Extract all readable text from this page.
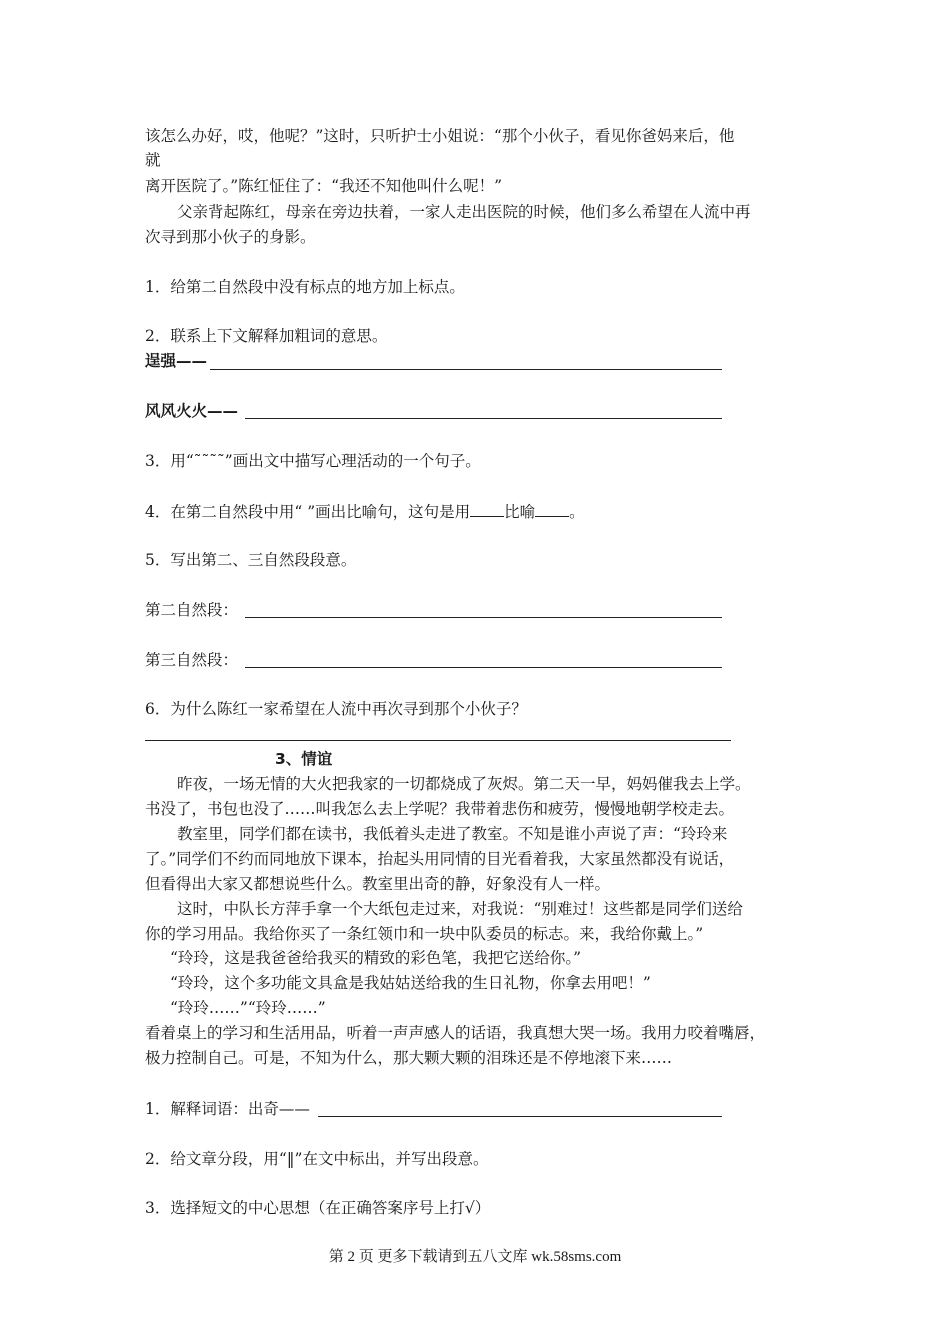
该怎么办好，哎，他呢？”这时，只听护士小姐说：“那个小伙子，看见你爸妈来后，他
就
离开医院了。”陈红怔住了：“我还不知他叫什么呢！”
父亲背起陈红，母亲在旁边扶着，一家人走出医院的时候，他们多么希望在人流中再
次寻到那小伙子的身影。
1．给第二自然段中没有标点的地方加上标点。
2．联系上下文解释加粗词的意思。
逞强——
风风火火——
3．用“˜˜˜˜”画出文中描写心理活动的一个句子。
4．在第二自然段中用“ ”画出比喻句，这句是用 比喻 。
5．写出第二、三自然段段意。
第二自然段：
第三自然段：
6．为什么陈红一家希望在人流中再次寻到那个小伙子？
3、情谊
昨夜，一场无情的大火把我家的一切都烧成了灰烬。第二天一早，妈妈催我去上学。
书没了，书包也没了……叫我怎么去上学呢？我带着悲伤和疲劳，慢慢地朝学校走去。
教室里，同学们都在读书，我低着头走进了教室。不知是谁小声说了声：“玲玲来
了。”同学们不约而同地放下课本，抬起头用同情的目光看着我，大家虽然都没有说话，
但看得出大家又都想说些什么。教室里出奇的静，好象没有人一样。
这时，中队长方萍手拿一个大纸包走过来，对我说：“别难过！这些都是同学们送给
你的学习用品。我给你买了一条红领巾和一块中队委员的标志。来，我给你戴上。”
“玲玲，这是我爸爸给我买的精致的彩色笔，我把它送给你。”
“玲玲，这个多功能文具盒是我姑姑送给我的生日礼物，你拿去用吧！”
“玲玲……”“玲玲……”
看着桌上的学习和生活用品，听着一声声感人的话语，我真想大哭一场。我用力咬着嘴唇，
极力控制自己。可是，不知为什么，那大颗大颗的泪珠还是不停地滚下来……
1．解释词语：出奇——
2．给文章分段，用“‖”在文中标出，并写出段意。
3．选择短文的中心思想（在正确答案序号上打√）
第 2 页 更多下载请到五八文库 wk.58sms.com
